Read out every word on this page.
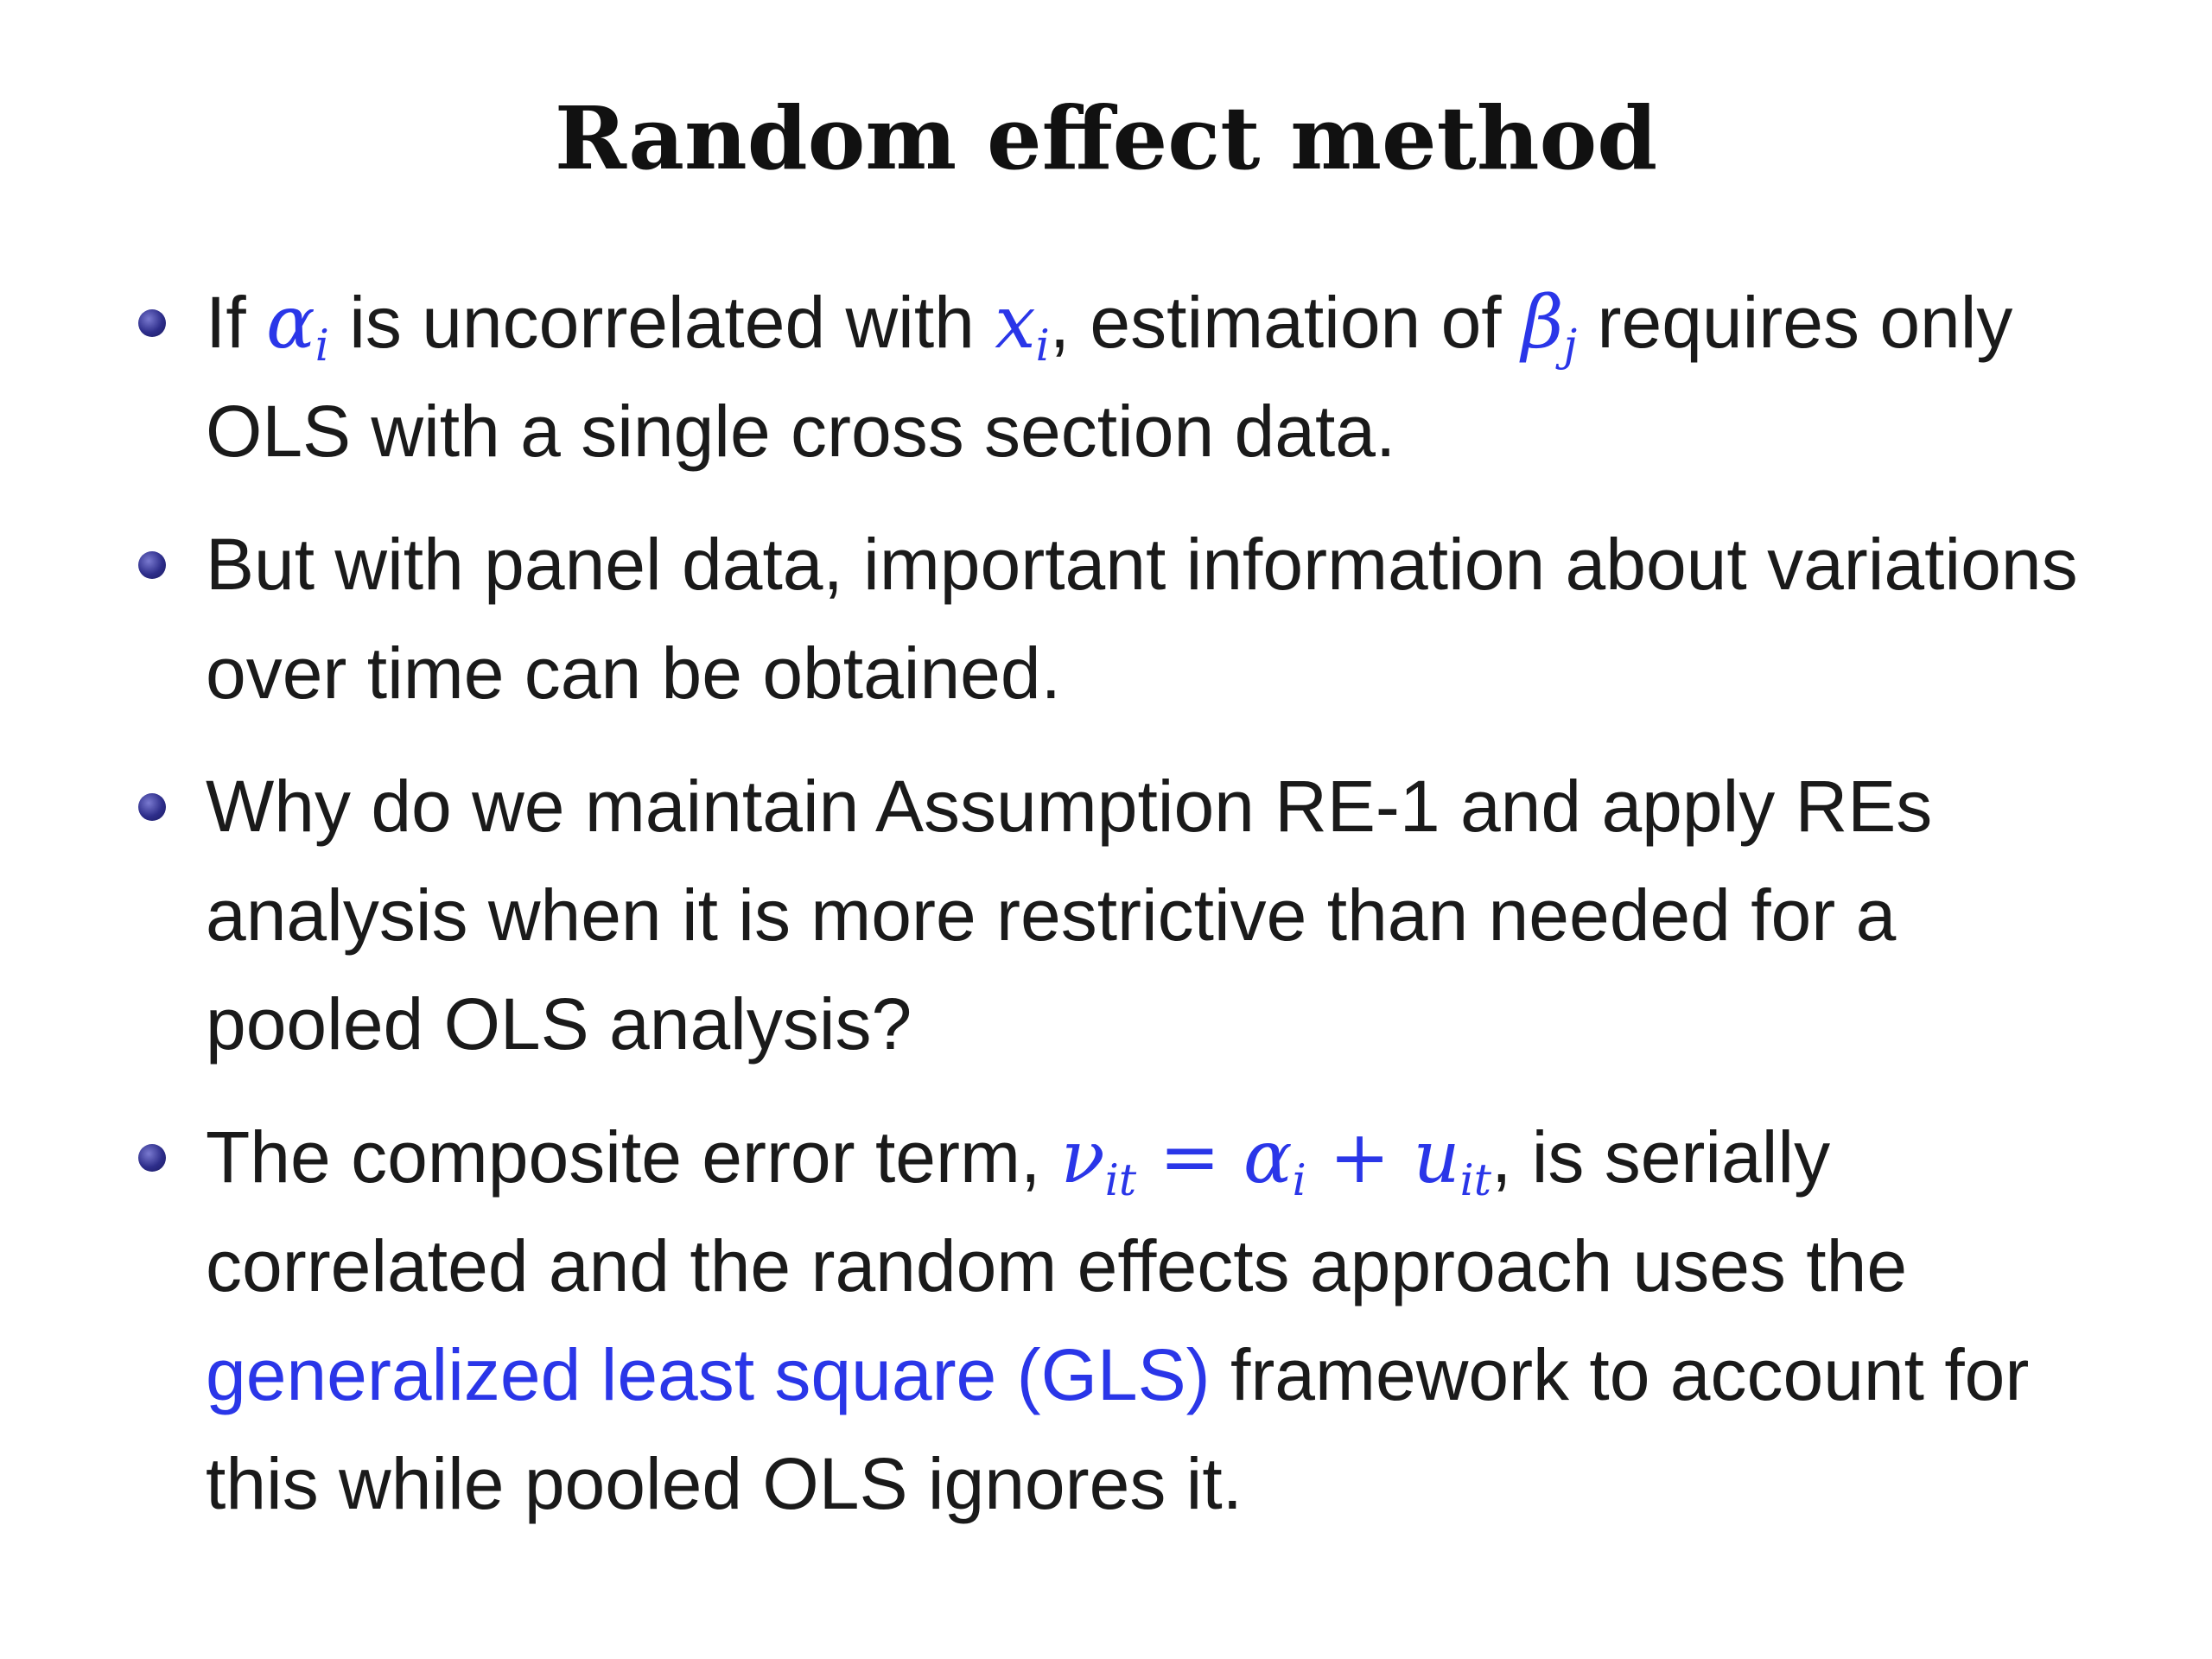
Random effect method
If $\alpha_i$ is uncorrelated with $x_i$, estimation of $\beta_j$ requires only OLS with a single cross section data.
But with panel data, important information about variations over time can be obtained.
Why do we maintain Assumption RE-1 and apply REs analysis when it is more restrictive than needed for a pooled OLS analysis?
The composite error term, $\nu_{it} = \alpha_i + u_{it}$, is serially correlated and the random effects approach uses the generalized least square (GLS) framework to account for this while pooled OLS ignores it.
